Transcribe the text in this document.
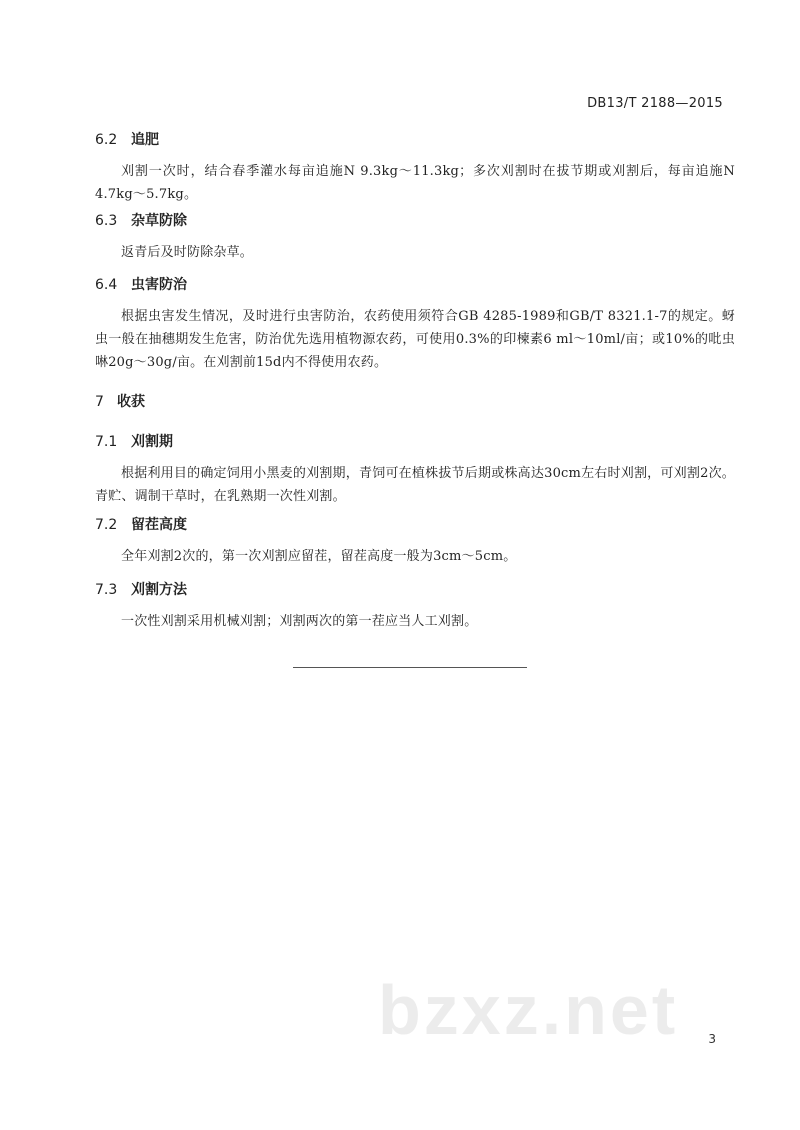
DB13/T 2188—2015
6.2 追肥
刈割一次时，结合春季灌水每亩追施N 9.3kg～11.3kg；多次刈割时在拔节期或刈割后，每亩追施N 4.7kg～5.7kg。
6.3 杂草防除
返青后及时防除杂草。
6.4 虫害防治
根据虫害发生情况，及时进行虫害防治，农药使用须符合GB 4285-1989和GB/T 8321.1-7的规定。蚜虫一般在抽穗期发生危害，防治优先选用植物源农药，可使用0.3%的印楝素6 ml～10ml/亩；或10%的吡虫啉20g～30g/亩。在刈割前15d内不得使用农药。
7 收获
7.1 刈割期
根据利用目的确定饲用小黑麦的刈割期，青饲可在植株拔节后期或株高达30cm左右时刈割，可刈割2次。青贮、调制干草时，在乳熟期一次性刈割。
7.2 留茬高度
全年刈割2次的，第一次刈割应留茬，留茬高度一般为3cm～5cm。
7.3 刈割方法
一次性刈割采用机械刈割；刈割两次的第一茬应当人工刈割。
bzxz.net	3
